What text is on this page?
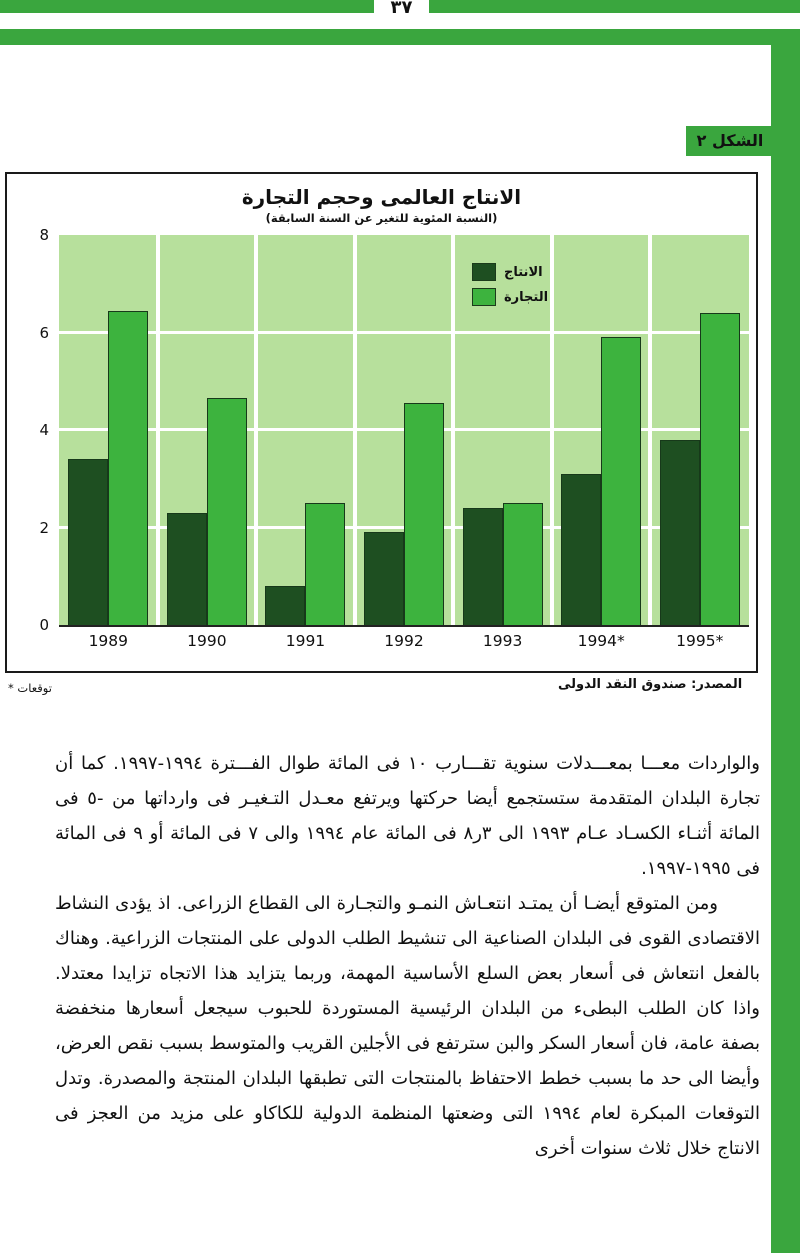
٣٧
الشكل ٢
الانتاج العالمى وحجم التجارة
(النسبة المئوية للتغير عن السنة السابقة)
0
2
4
6
8
الانتاج
التجارة
1989	1990	1991	1992	1993	1994*	1995*
المصدر: صندوق النقد الدولى
* توقعات

والواردات معـــا بمعـــدلات سنوية تقـــارب ١٠ فى المائة طوال الفـــترة ١٩٩٤-١٩٩٧. كما أن تجارة البلدان المتقدمة ستستجمع أيضا حركتها ويرتفع معـدل التـغيـر فى وارداتها من -٥ فى المائة أثنـاء الكسـاد عـام ١٩٩٣ الى ٣ر٨ فى المائة عام ١٩٩٤ والى ٧ فى المائة أو ٩ فى المائة فى ١٩٩٥-١٩٩٧.

ومن المتوقع أيضـا أن يمتـد انتعـاش النمـو والتجـارة الى القطاع الزراعى. اذ يؤدى النشاط الاقتصادى القوى فى البلدان الصناعية الى تنشيط الطلب الدولى على المنتجات الزراعية. وهناك بالفعل انتعاش فى أسعار بعض السلع الأساسية المهمة، وربما يتزايد هذا الاتجاه تزايدا معتدلا. واذا كان الطلب البطىء من البلدان الرئيسية المستوردة للحبوب سيجعل أسعارها منخفضة بصفة عامة، فان أسعار السكر والبن سترتفع فى الأجلين القريب والمتوسط بسبب نقص العرض، وأيضا الى حد ما بسبب خطط الاحتفاظ بالمنتجات التى تطبقها البلدان المنتجة والمصدرة. وتدل التوقعات المبكرة لعام ١٩٩٤ التى وضعتها المنظمة الدولية للكاكاو على مزيد من العجز فى الانتاج خلال ثلاث سنوات أخرى
